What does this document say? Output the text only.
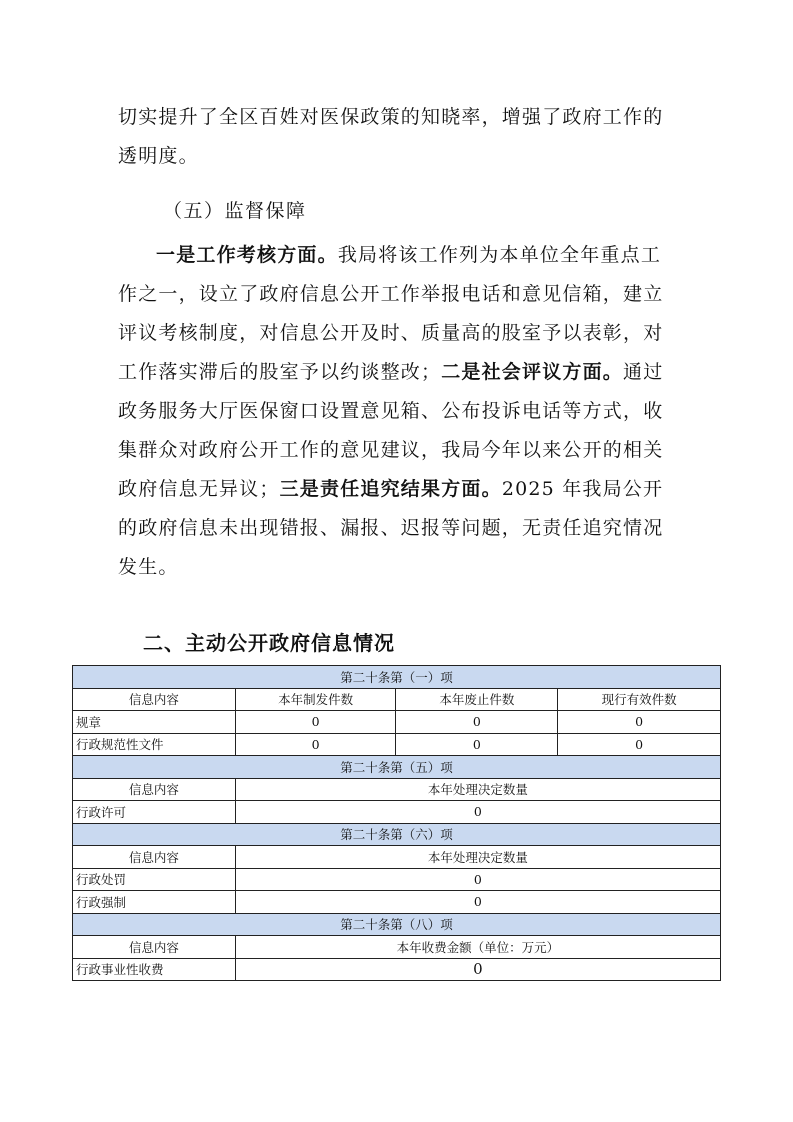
切实提升了全区百姓对医保政策的知晓率，增强了政府工作的透明度。
（五）监督保障
一是工作考核方面。我局将该工作列为本单位全年重点工作之一，设立了政府信息公开工作举报电话和意见信箱，建立评议考核制度，对信息公开及时、质量高的股室予以表彰，对工作落实滞后的股室予以约谈整改；二是社会评议方面。通过政务服务大厅医保窗口设置意见箱、公布投诉电话等方式，收集群众对政府公开工作的意见建议，我局今年以来公开的相关政府信息无异议；三是责任追究结果方面。2025 年我局公开的政府信息未出现错报、漏报、迟报等问题，无责任追究情况发生。
二、主动公开政府信息情况
第二十条第（一）项			
信息内容	本年制发件数	本年废止件数	现行有效件数
规章	0	0	0
行政规范性文件	0	0	0
第二十条第（五）项			
信息内容	本年处理决定数量		
行政许可	0		
第二十条第（六）项			
信息内容	本年处理决定数量		
行政处罚	0		
行政强制	0		
第二十条第（八）项			
信息内容	本年收费金额（单位：万元）		
行政事业性收费	0		
